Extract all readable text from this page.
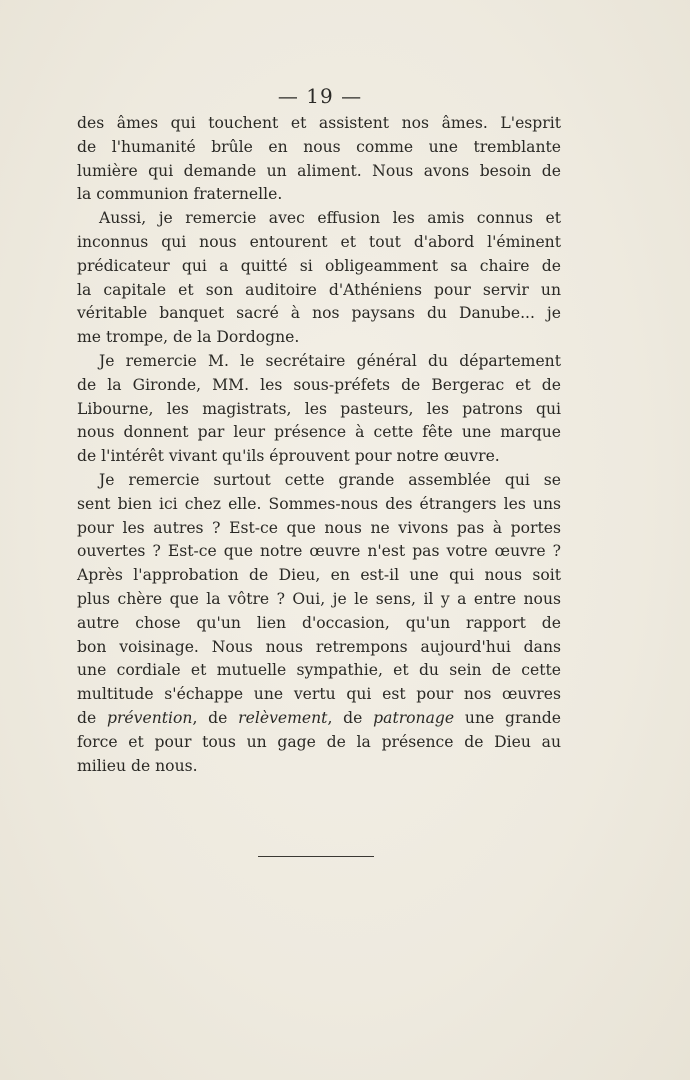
— 19 —
des âmes qui touchent et assistent nos âmes. L'esprit
de l'humanité brûle en nous comme une tremblante
lumière qui demande un aliment. Nous avons besoin de
la communion fraternelle.
Aussi, je remercie avec effusion les amis connus et
inconnus qui nous entourent et tout d'abord l'éminent
prédicateur qui a quitté si obligeamment sa chaire de
la capitale et son auditoire d'Athéniens pour servir un
véritable banquet sacré à nos paysans du Danube... je
me trompe, de la Dordogne.
Je remercie M. le secrétaire général du département
de la Gironde, MM. les sous-préfets de Bergerac et de
Libourne, les magistrats, les pasteurs, les patrons qui
nous donnent par leur présence à cette fête une marque
de l'intérêt vivant qu'ils éprouvent pour notre œuvre.
Je remercie surtout cette grande assemblée qui se
sent bien ici chez elle. Sommes-nous des étrangers les uns
pour les autres ? Est-ce que nous ne vivons pas à portes
ouvertes ? Est-ce que notre œuvre n'est pas votre œuvre ?
Après l'approbation de Dieu, en est-il une qui nous soit
plus chère que la vôtre ? Oui, je le sens, il y a entre nous
autre chose qu'un lien d'occasion, qu'un rapport de
bon voisinage. Nous nous retrempons aujourd'hui dans
une cordiale et mutuelle sympathie, et du sein de cette
multitude s'échappe une vertu qui est pour nos œuvres
de prévention, de relèvement, de patronage une grande
force et pour tous un gage de la présence de Dieu au
milieu de nous.
